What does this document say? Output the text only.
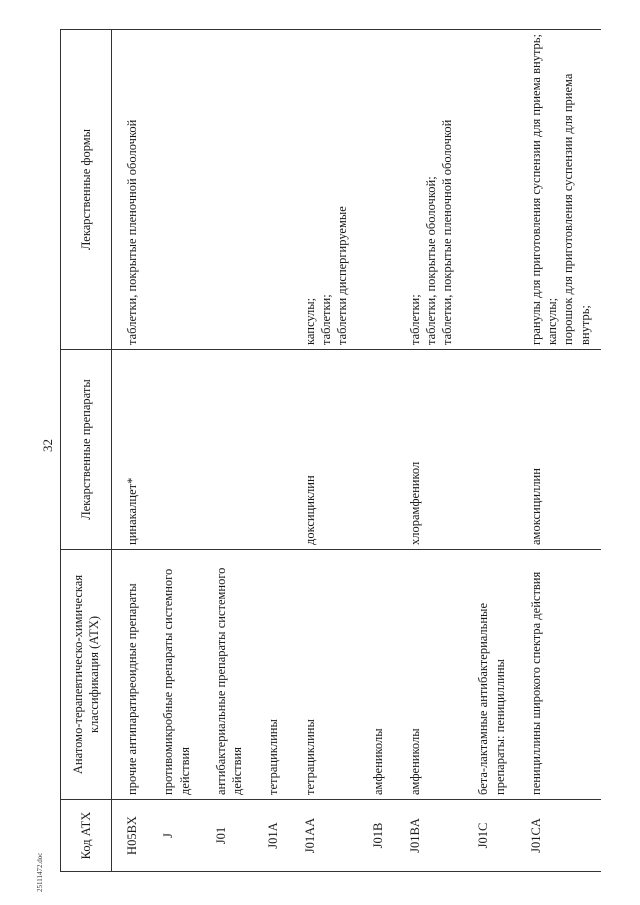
32
25111472.doc
Код АТХ	Анатомо-терапевтическо-химическая классификация (АТХ)	Лекарственные препараты	Лекарственные формы
H05BX	прочие антипаратиреоидные препараты	цинакалцет*	таблетки, покрытые пленочной оболочкой

J	противомикробные препараты системного действия		
J01	антибактериальные препараты системного действия		
J01A	тетрациклины		
J01AA	тетрациклины	доксициклин	капсулы; таблетки; таблетки диспергируемые

J01B	амфениколы		
J01BA	амфениколы	хлорамфеникол	таблетки; таблетки, покрытые оболочкой; таблетки, покрытые пленочной оболочкой

J01C	бета-лактамные антибактериальные препараты: пенициллины		
J01CA	пенициллины широкого спектра действия	амоксициллин	гранулы для приготовления суспензии для приема внутрь; капсулы; порошок для приготовления суспензии для приема внутрь;
